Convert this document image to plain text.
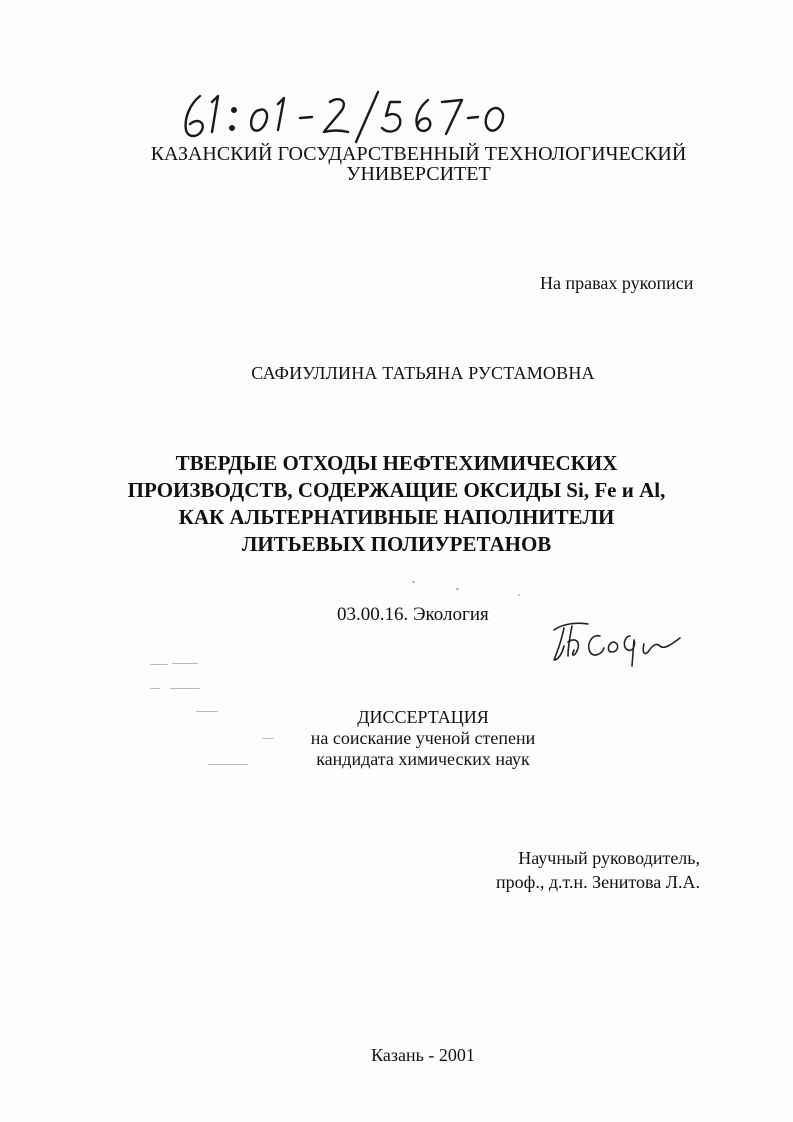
КАЗАНСКИЙ ГОСУДАРСТВЕННЫЙ ТЕХНОЛОГИЧЕСКИЙ
УНИВЕРСИТЕТ
На правах рукописи
САФИУЛЛИНА ТАТЬЯНА РУСТАМОВНА
ТВЕРДЫЕ ОТХОДЫ НЕФТЕХИМИЧЕСКИХ
ПРОИЗВОДСТВ, СОДЕРЖАЩИЕ ОКСИДЫ Si, Fe и Al,
КАК АЛЬТЕРНАТИВНЫЕ НАПОЛНИТЕЛИ
ЛИТЬЕВЫХ ПОЛИУРЕТАНОВ
03.00.16. Экология
ДИССЕРТАЦИЯ
на соискание ученой степени
кандидата химических наук
Научный руководитель,
проф., д.т.н. Зенитова Л.А.
Казань - 2001
